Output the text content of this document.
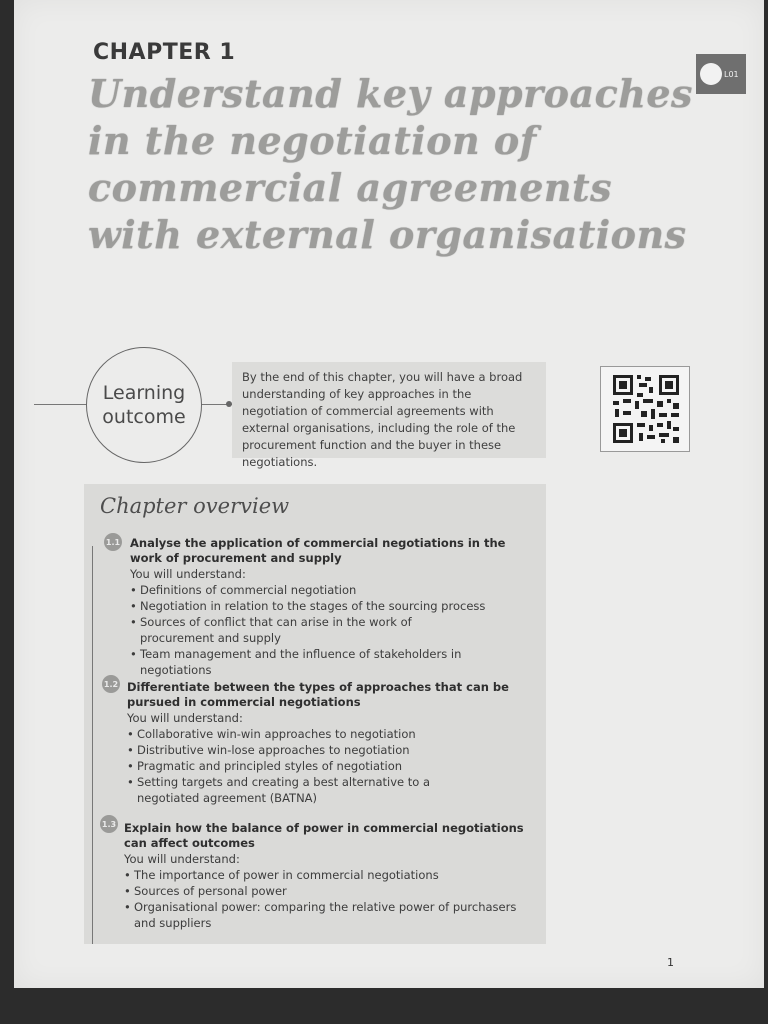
CHAPTER 1
Understand key approaches in the negotiation of commercial agreements with external organisations
L01
Learning
outcome
By the end of this chapter, you will have a broad understanding of key approaches in the negotiation of commercial agreements with external organisations, including the role of the procurement function and the buyer in these negotiations.
Chapter overview
1.1 Analyse the application of commercial negotiations in the work of procurement and supply
You will understand:
• Definitions of commercial negotiation
• Negotiation in relation to the stages of the sourcing process
• Sources of conflict that can arise in the work of procurement and supply
• Team management and the influence of stakeholders in negotiations
1.2 Differentiate between the types of approaches that can be pursued in commercial negotiations
You will understand:
• Collaborative win-win approaches to negotiation
• Distributive win-lose approaches to negotiation
• Pragmatic and principled styles of negotiation
• Setting targets and creating a best alternative to a negotiated agreement (BATNA)
1.3 Explain how the balance of power in commercial negotiations can affect outcomes
You will understand:
• The importance of power in commercial negotiations
• Sources of personal power
• Organisational power: comparing the relative power of purchasers and suppliers
1
